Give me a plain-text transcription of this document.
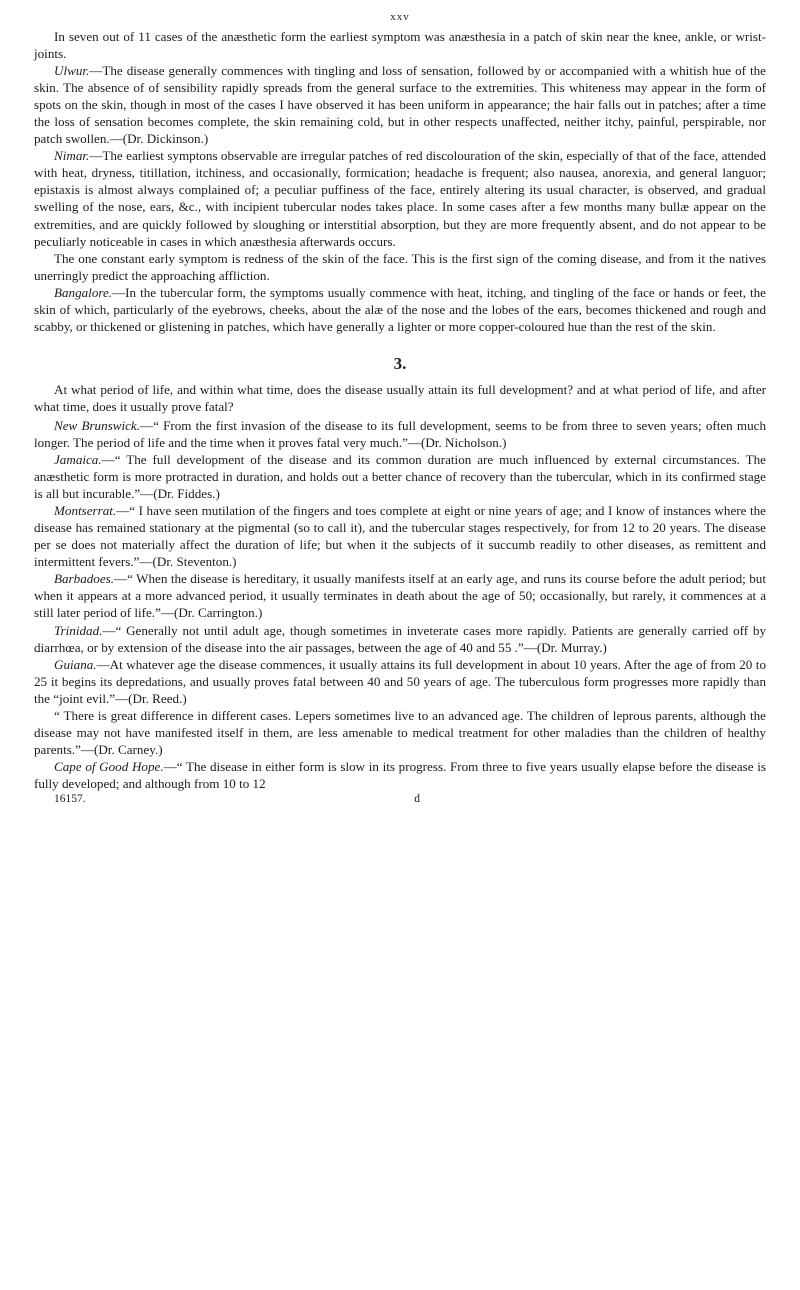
xxv

In seven out of 11 cases of the anæsthetic form the earliest symptom was anæsthesia in a patch of skin near the knee, ankle, or wrist-joints.

Ulwur.—The disease generally commences with tingling and loss of sensation, followed by or accompanied with a whitish hue of the skin. The absence of of sensibility rapidly spreads from the general surface to the extremities. This whiteness may appear in the form of spots on the skin, though in most of the cases I have observed it has been uniform in appearance; the hair falls out in patches; after a time the loss of sensation becomes complete, the skin remaining cold, but in other respects unaffected, neither itchy, painful, perspirable, nor patch swollen.—(Dr. Dickinson.)

Nimar.—The earliest symptons observable are irregular patches of red discolouration of the skin, especially of that of the face, attended with heat, dryness, titillation, itchiness, and occasionally, formication; headache is frequent; also nausea, anorexia, and general languor; epistaxis is almost always complained of; a peculiar puffiness of the face, entirely altering its usual character, is observed, and gradual swelling of the nose, ears, &c., with incipient tubercular nodes takes place. In some cases after a few months many bullæ appear on the extremities, and are quickly followed by sloughing or interstitial absorption, but they are more frequently absent, and do not appear to be peculiarly noticeable in cases in which anæsthesia afterwards occurs.

The one constant early symptom is redness of the skin of the face. This is the first sign of the coming disease, and from it the natives unerringly predict the approaching affliction.

Bangalore.—In the tubercular form, the symptoms usually commence with heat, itching, and tingling of the face or hands or feet, the skin of which, particularly of the eyebrows, cheeks, about the alæ of the nose and the lobes of the ears, becomes thickened and rough and scabby, or thickened or glistening in patches, which have generally a lighter or more copper-coloured hue than the rest of the skin.

3.

At what period of life, and within what time, does the disease usually attain its full development? and at what period of life, and after what time, does it usually prove fatal?

New Brunswick.—“ From the first invasion of the disease to its full development, seems to be from three to seven years; often much longer. The period of life and the time when it proves fatal very much.”—(Dr. Nicholson.)

Jamaica.—“ The full development of the disease and its common duration are much influenced by external circumstances. The anæsthetic form is more protracted in duration, and holds out a better chance of recovery than the tubercular, which in its confirmed stage is all but incurable.”—(Dr. Fiddes.)

Montserrat.—“ I have seen mutilation of the fingers and toes complete at eight or nine years of age; and I know of instances where the disease has remained stationary at the pigmental (so to call it), and the tubercular stages respectively, for from 12 to 20 years. The disease per se does not materially affect the duration of life; but when it the subjects of it succumb readily to other diseases, as remittent and intermittent fevers.”—(Dr. Steventon.)

Barbadoes.—“ When the disease is hereditary, it usually manifests itself at an early age, and runs its course before the adult period; but when it appears at a more advanced period, it usually terminates in death about the age of 50; occasionally, but rarely, it commences at a still later period of life.”—(Dr. Carrington.)

Trinidad.—“ Generally not until adult age, though sometimes in inveterate cases more rapidly. Patients are generally carried off by diarrhœa, or by extension of the disease into the air passages, between the age of 40 and 55 .”—(Dr. Murray.)

Guiana.—At whatever age the disease commences, it usually attains its full development in about 10 years. After the age of from 20 to 25 it begins its depredations, and usually proves fatal between 40 and 50 years of age. The tuberculous form progresses more rapidly than the “joint evil.”—(Dr. Reed.)

“ There is great difference in different cases. Lepers sometimes live to an advanced age. The children of leprous parents, although the disease may not have manifested itself in them, are less amenable to medical treatment for other maladies than the children of healthy parents.”—(Dr. Carney.)

Cape of Good Hope.—“ The disease in either form is slow in its progress. From three to five years usually elapse before the disease is fully developed; and although from 10 to 12

16157.	d
